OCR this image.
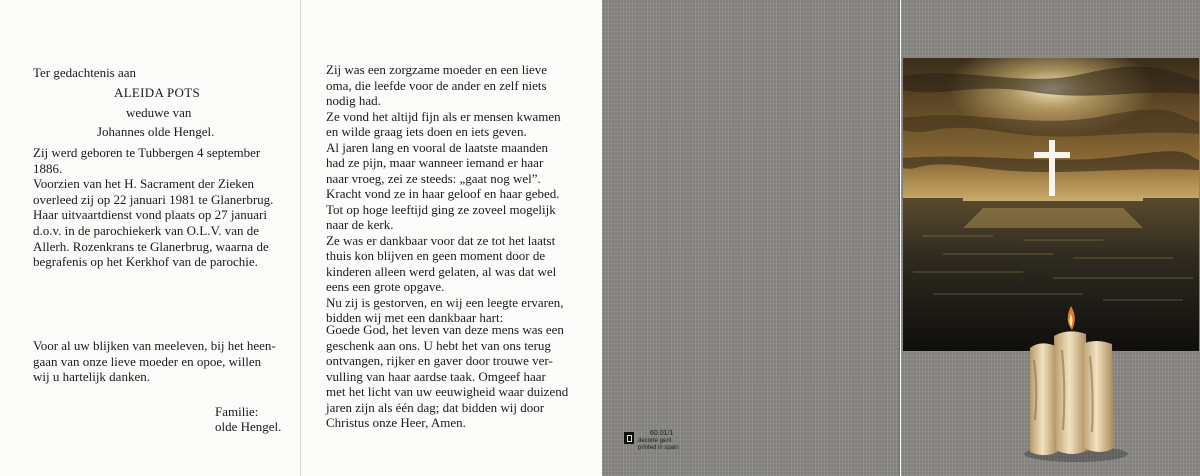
Ter gedachtenis aan

ALEIDA POTS

weduwe van

Johannes olde Hengel.

Zij werd geboren te Tubbergen 4 september
1886.
Voorzien van het H. Sacrament der Zieken
overleed zij op 22 januari 1981 te Glanerbrug.
Haar uitvaartdienst vond plaats op 27 januari
d.o.v. in de parochiekerk van O.L.V. van de
Allerh. Rozenkrans te Glanerbrug, waarna de
begrafenis op het Kerkhof van de parochie.
Voor al uw blijken van meeleven, bij het heen-
gaan van onze lieve moeder en opoe, willen
wij u hartelijk danken.

Familie:

olde Hengel.

Zij was een zorgzame moeder en een lieve
oma, die leefde voor de ander en zelf niets
nodig had.
Ze vond het altijd fijn als er mensen kwamen
en wilde graag iets doen en iets geven.
Al jaren lang en vooral de laatste maanden
had ze pijn, maar wanneer iemand er haar
naar vroeg, zei ze steeds: „gaat nog wel”.
Kracht vond ze in haar geloof en haar gebed.
Tot op hoge leeftijd ging ze zoveel mogelijk
naar de kerk.
Ze was er dankbaar voor dat ze tot het laatst
thuis kon blijven en geen moment door de
kinderen alleen werd gelaten, al was dat wel
eens een grote opgave.
Nu zij is gestorven, en wij een leegte ervaren,
bidden wij met een dankbaar hart:
Goede God, het leven van deze mens was een
geschenk aan ons. U hebt het van ons terug
ontvangen, rijker en gaver door trouwe ver-
vulling van haar aardse taak. Omgeef haar
met het licht van uw eeuwigheid waar duizend
jaren zijn als één dag; dat bidden wij door
Christus onze Heer, Amen.
60.01/1
decorte gent
printed in spain
